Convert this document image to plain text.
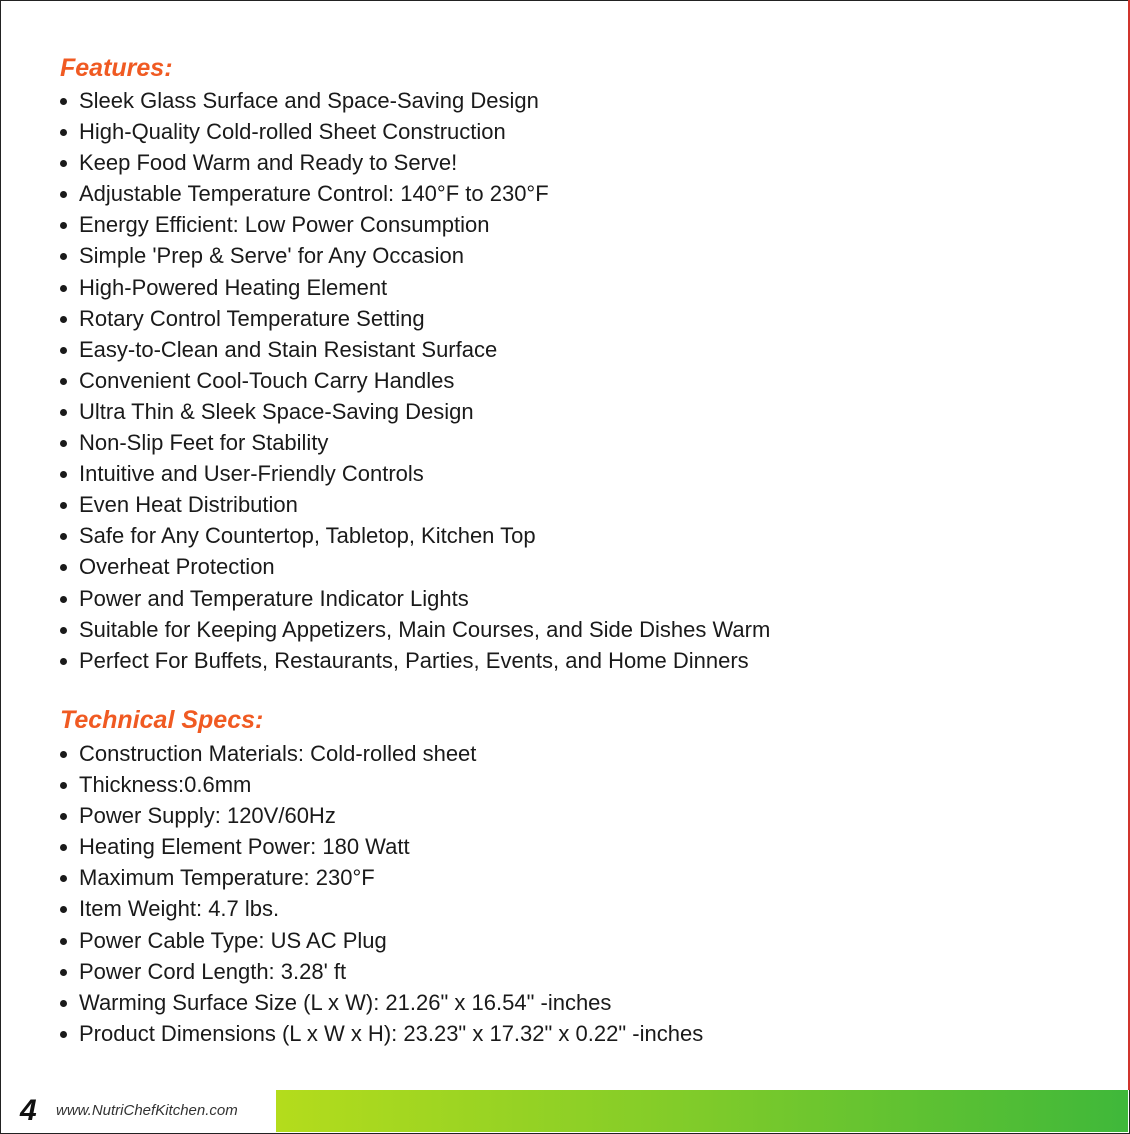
Features:
Sleek Glass Surface and Space-Saving Design
High-Quality Cold-rolled Sheet Construction
Keep Food Warm and Ready to Serve!
Adjustable Temperature Control: 140°F to 230°F
Energy Efficient: Low Power Consumption
Simple 'Prep & Serve' for Any Occasion
High-Powered Heating Element
Rotary Control Temperature Setting
Easy-to-Clean and Stain Resistant Surface
Convenient Cool-Touch Carry Handles
Ultra Thin & Sleek Space-Saving Design
Non-Slip Feet for Stability
Intuitive and User-Friendly Controls
Even Heat Distribution
Safe for Any Countertop, Tabletop, Kitchen Top
Overheat Protection
Power and Temperature Indicator Lights
Suitable for Keeping Appetizers, Main Courses, and Side Dishes Warm
Perfect For Buffets, Restaurants, Parties, Events, and Home Dinners
Technical Specs:
Construction Materials: Cold-rolled sheet
Thickness:0.6mm
Power Supply: 120V/60Hz
Heating Element Power: 180 Watt
Maximum Temperature: 230°F
Item Weight: 4.7 lbs.
Power Cable Type: US AC Plug
Power Cord Length: 3.28' ft
Warming Surface Size (L x W): 21.26" x 16.54" -inches
Product Dimensions (L x W x H): 23.23" x 17.32" x 0.22" -inches
4 www.NutriChefKitchen.com
